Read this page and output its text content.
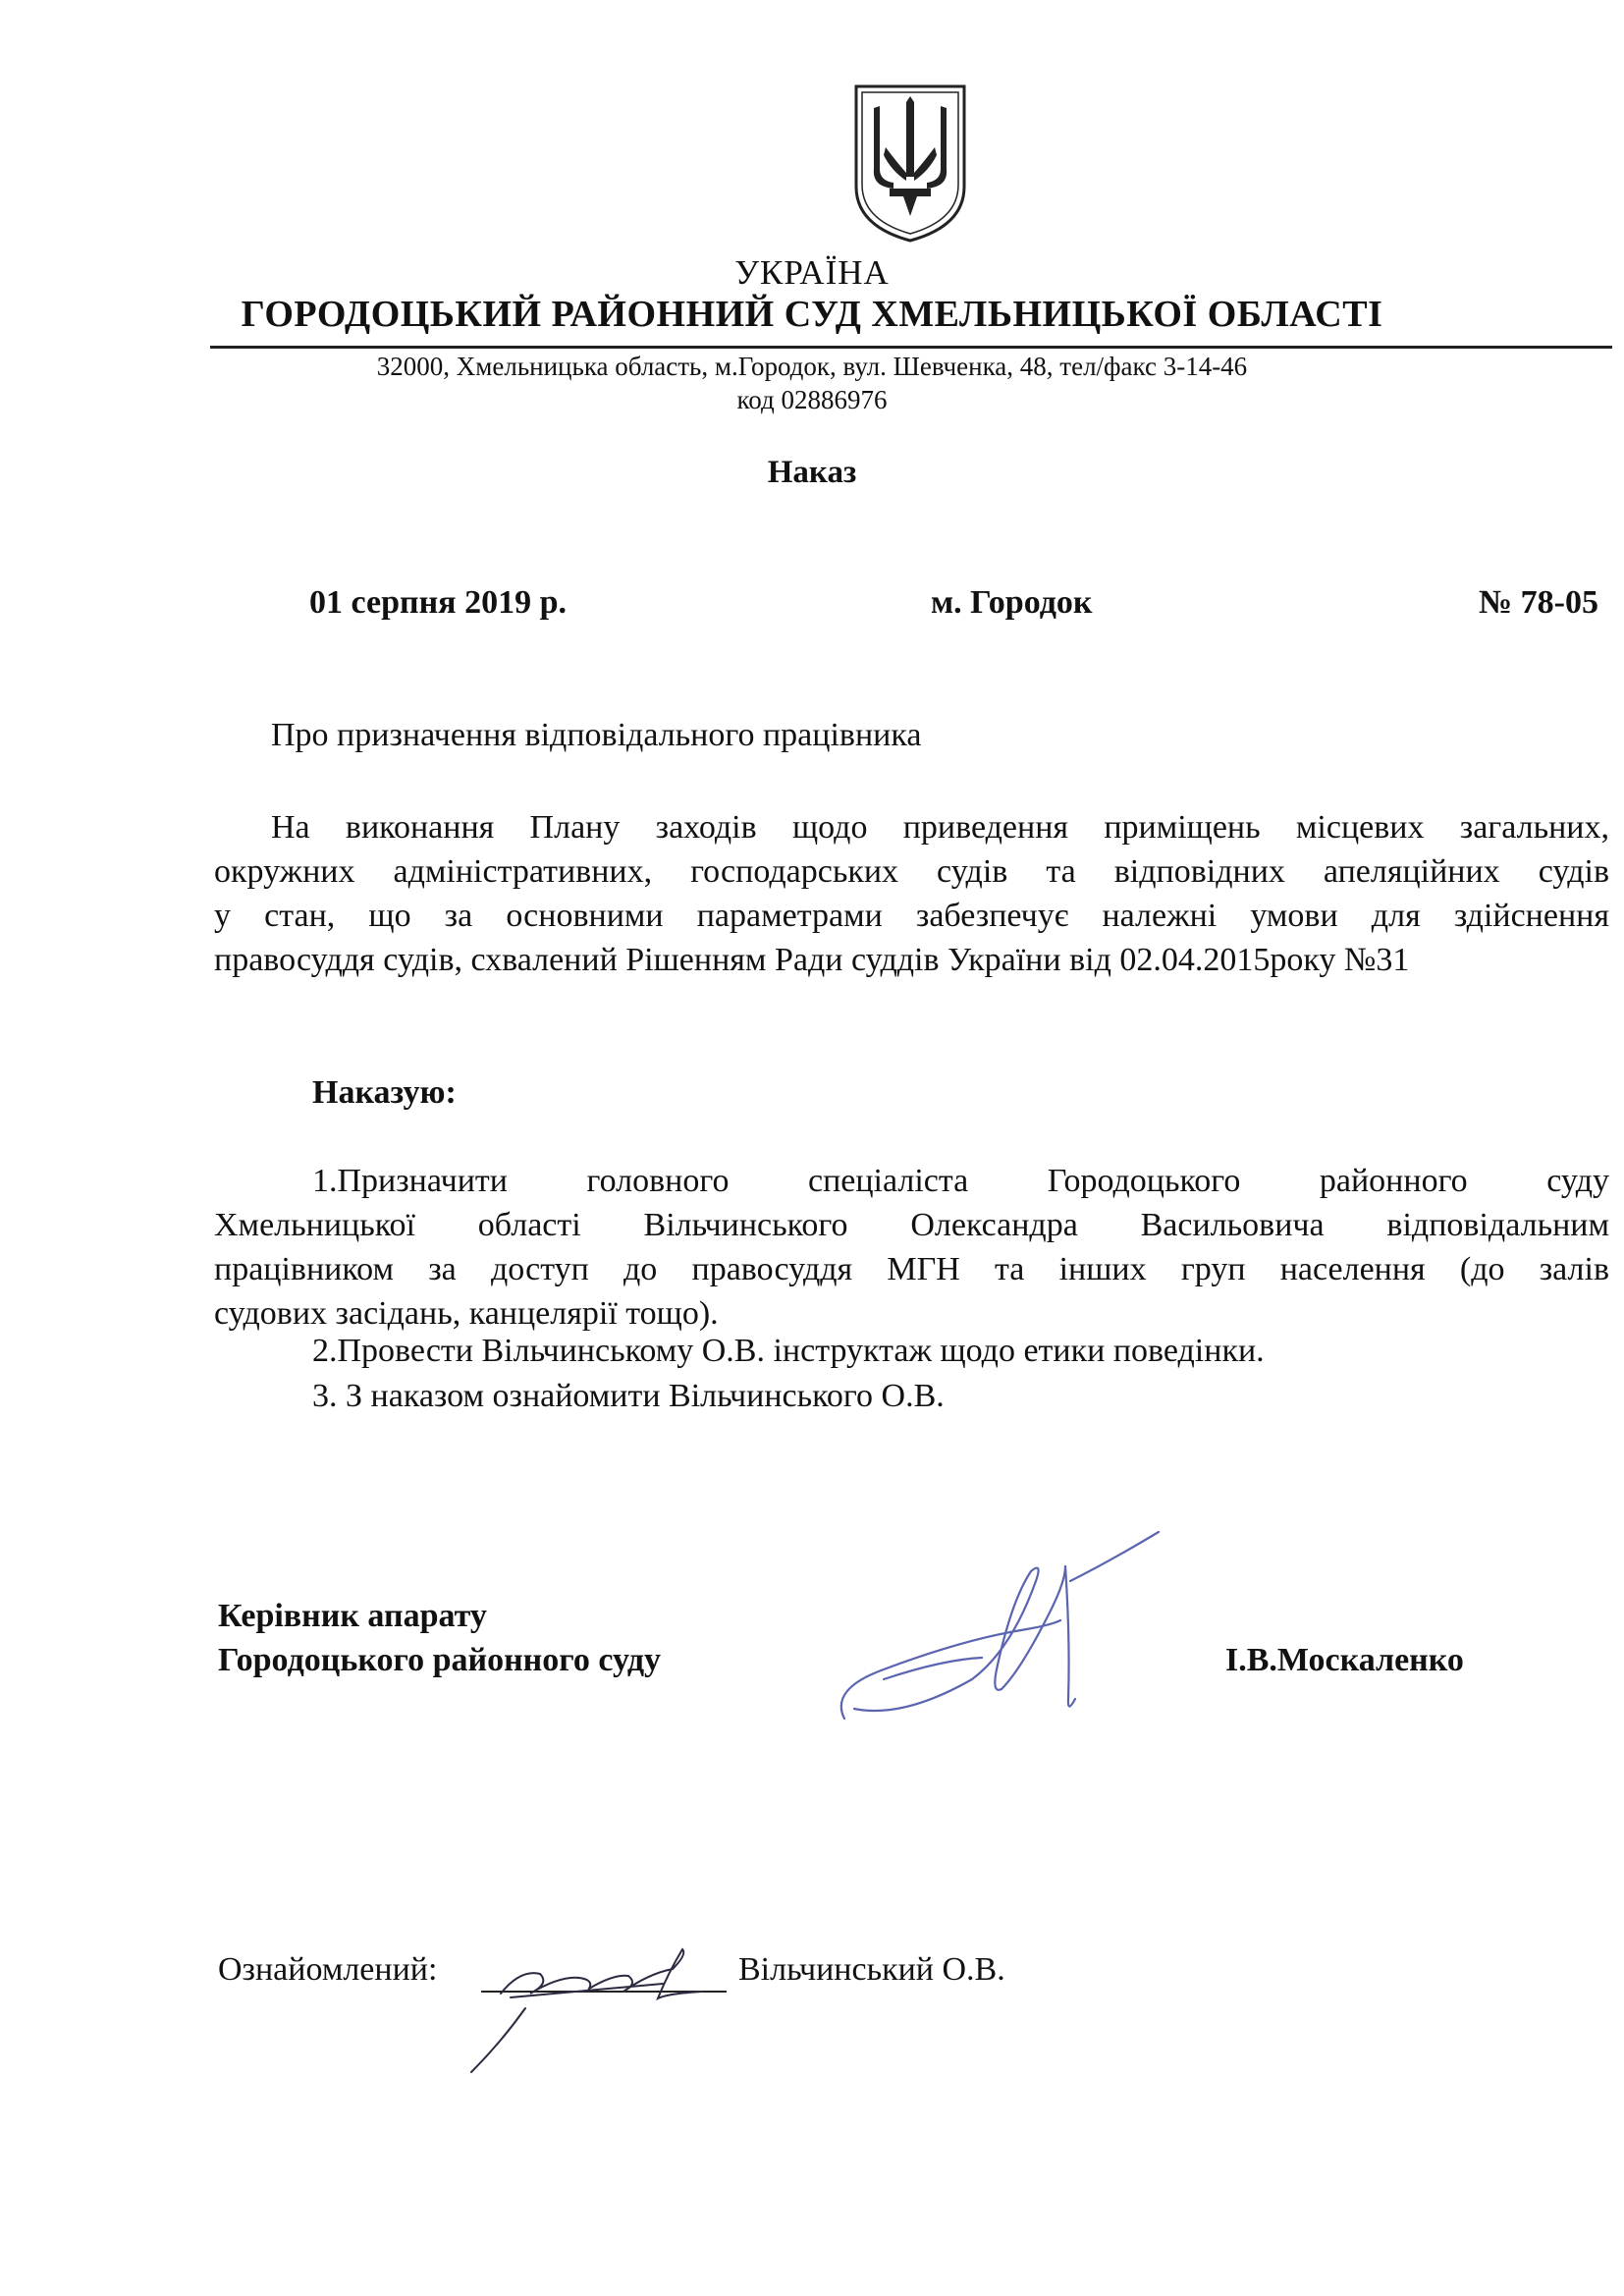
УКРАЇНА
ГОРОДОЦЬКИЙ РАЙОННИЙ СУД ХМЕЛЬНИЦЬКОЇ ОБЛАСТІ
32000, Хмельницька область, м.Городок, вул. Шевченка, 48, тел/факс 3-14-46
код 02886976
Наказ
01 серпня 2019 р.	м. Городок	№ 78-05
Про призначення відповідального працівника
На виконання Плану заходів щодо приведення приміщень місцевих загальних,
окружних адміністративних, господарських судів та відповідних апеляційних судів
у стан, що за основними параметрами забезпечує належні умови для здійснення
правосуддя судів, схвалений Рішенням Ради суддів України від 02.04.2015року №31
Наказую:
1.Призначити головного спеціаліста Городоцького районного суду
Хмельницької області Вільчинського Олександра Васильовича відповідальним
працівником за доступ до правосуддя МГН та інших груп населення (до залів
судових засідань, канцелярії тощо).
2.Провести Вільчинському О.В. інструктаж щодо етики поведінки.
3. З наказом ознайомити Вільчинського О.В.
Керівник апарату
Городоцького районного суду	І.В.Москаленко
Ознайомлений:	Вільчинський О.В.
